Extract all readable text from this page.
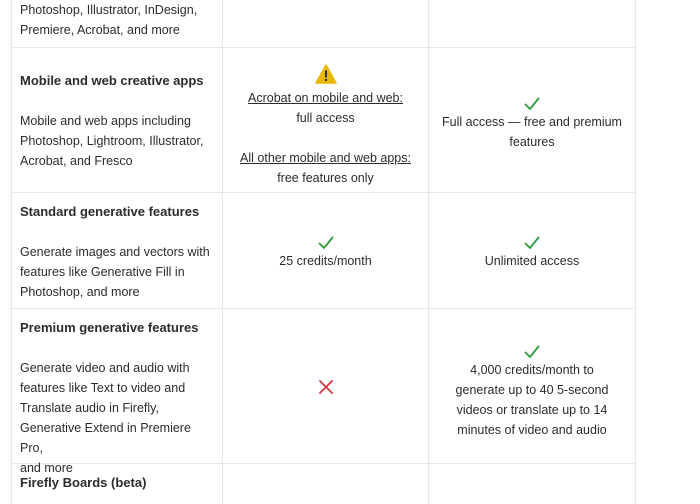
Photoshop, Illustrator, InDesign,
Premiere, Acrobat, and more
Mobile and web creative apps
Mobile and web apps including
Photoshop, Lightroom, Illustrator,
Acrobat, and Fresco
Acrobat on mobile and web:
full access
All other mobile and web apps:
free features only
Full access — free and premium
features
Standard generative features
Generate images and vectors with
features like Generative Fill in
Photoshop, and more
25 credits/month	Unlimited access
Premium generative features
Generate video and audio with
features like Text to video and
Translate audio in Firefly,
Generative Extend in Premiere Pro,
and more
4,000 credits/month to
generate up to 40 5-second
videos or translate up to 14
minutes of video and audio
Firefly Boards (beta)
